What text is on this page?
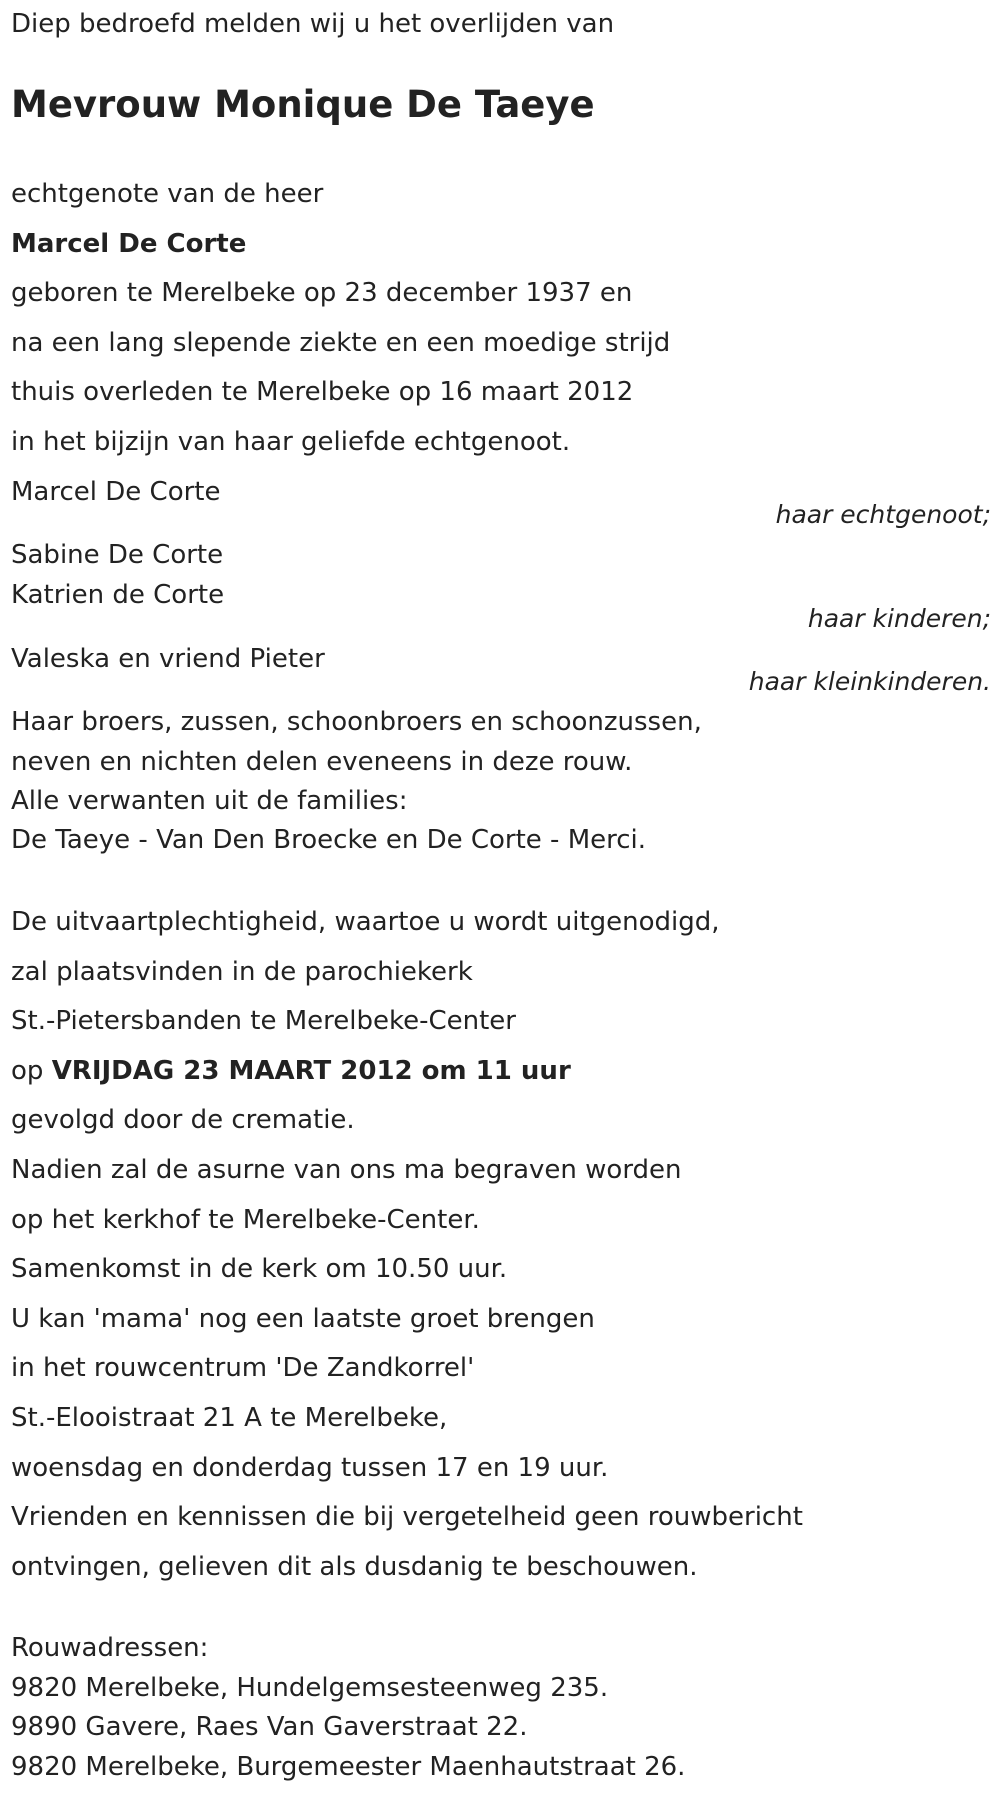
Diep bedroefd melden wij u het overlijden van
Mevrouw Monique De Taeye
echtgenote van de heer
Marcel De Corte
geboren te Merelbeke op 23 december 1937 en
na een lang slepende ziekte en een moedige strijd
thuis overleden te Merelbeke op 16 maart 2012
in het bijzijn van haar geliefde echtgenoot.
Marcel De Corte
haar echtgenoot;
Sabine De Corte
Katrien de Corte
haar kinderen;
Valeska en vriend Pieter
haar kleinkinderen.
Haar broers, zussen, schoonbroers en schoonzussen,
neven en nichten delen eveneens in deze rouw.
Alle verwanten uit de families:
De Taeye - Van Den Broecke en De Corte - Merci.
De uitvaartplechtigheid, waartoe u wordt uitgenodigd,
zal plaatsvinden in de parochiekerk
St.-Pietersbanden te Merelbeke-Center
op VRIJDAG 23 MAART 2012 om 11 uur
gevolgd door de crematie.
Nadien zal de asurne van ons ma begraven worden
op het kerkhof te Merelbeke-Center.
Samenkomst in de kerk om 10.50 uur.
U kan 'mama' nog een laatste groet brengen
in het rouwcentrum 'De Zandkorrel'
St.-Elooistraat 21 A te Merelbeke,
woensdag en donderdag tussen 17 en 19 uur.
Vrienden en kennissen die bij vergetelheid geen rouwbericht
ontvingen, gelieven dit als dusdanig te beschouwen.
Rouwadressen:
9820 Merelbeke, Hundelgemsesteenweg 235.
9890 Gavere, Raes Van Gaverstraat 22.
9820 Merelbeke, Burgemeester Maenhautstraat 26.
